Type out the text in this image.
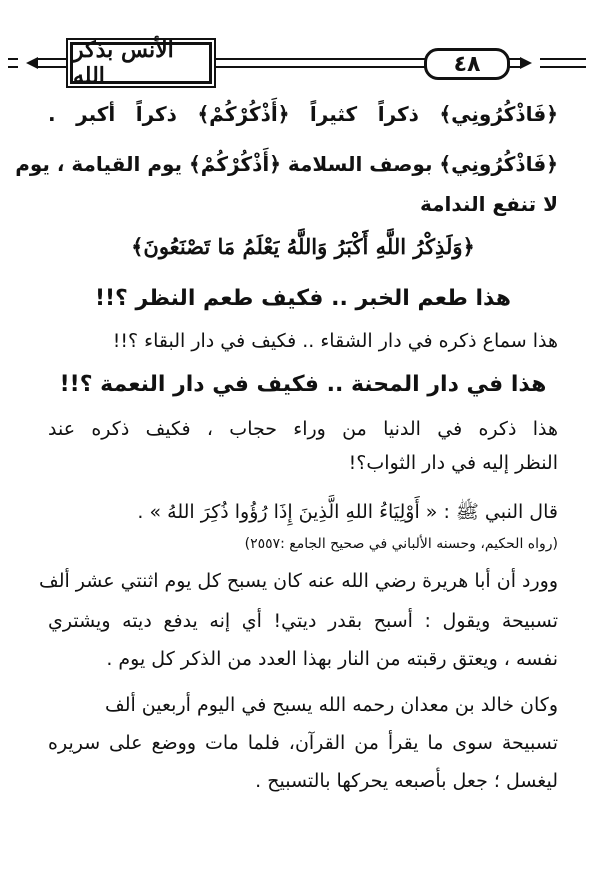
الأنس بذكر الله	٤٨
﴿فَاذْكُرُونِي﴾ ذكراً كثيراً ﴿أَذْكُرْكُمْ﴾ ذكراً أكبر .
﴿فَاذْكُرُونِي﴾ بوصف السلامة ﴿أَذْكُرْكُمْ﴾ يوم القيامة ، يوم
لا تنفع الندامة
﴿وَلَذِكْرُ اللَّهِ أَكْبَرُ وَاللَّهُ يَعْلَمُ مَا تَصْنَعُونَ﴾
هذا طعم الخبر .. فكيف طعم النظر ؟!!
هذا سماع ذكره في دار الشقاء .. فكيف في دار البقاء ؟!!
هذا في دار المحنة .. فكيف في دار النعمة ؟!!
هذا ذكره في الدنيا من وراء حجاب ، فكيف ذكره عند
النظر إليه في دار الثواب؟!
قال النبي ﷺ : « أَوْلِيَاءُ اللهِ الَّذِينَ إِذَا رُؤُوا ذُكِرَ اللهُ » .
(رواه الحكيم، وحسنه الألباني في صحيح الجامع :٢٥٥٧)
وورد أن أبا هريرة رضي الله عنه كان يسبح كل يوم اثنتي عشر ألف
تسبيحة ويقول : أسبح بقدر ديتي! أي إنه يدفع ديته ويشتري
نفسه ، ويعتق رقبته من النار بهذا العدد من الذكر كل يوم .
وكان خالد بن معدان رحمه الله يسبح في اليوم أربعين ألف
تسبيحة سوى ما يقرأ من القرآن، فلما مات ووضع على سريره
ليغسل ؛ جعل بأصبعه يحركها بالتسبيح .
